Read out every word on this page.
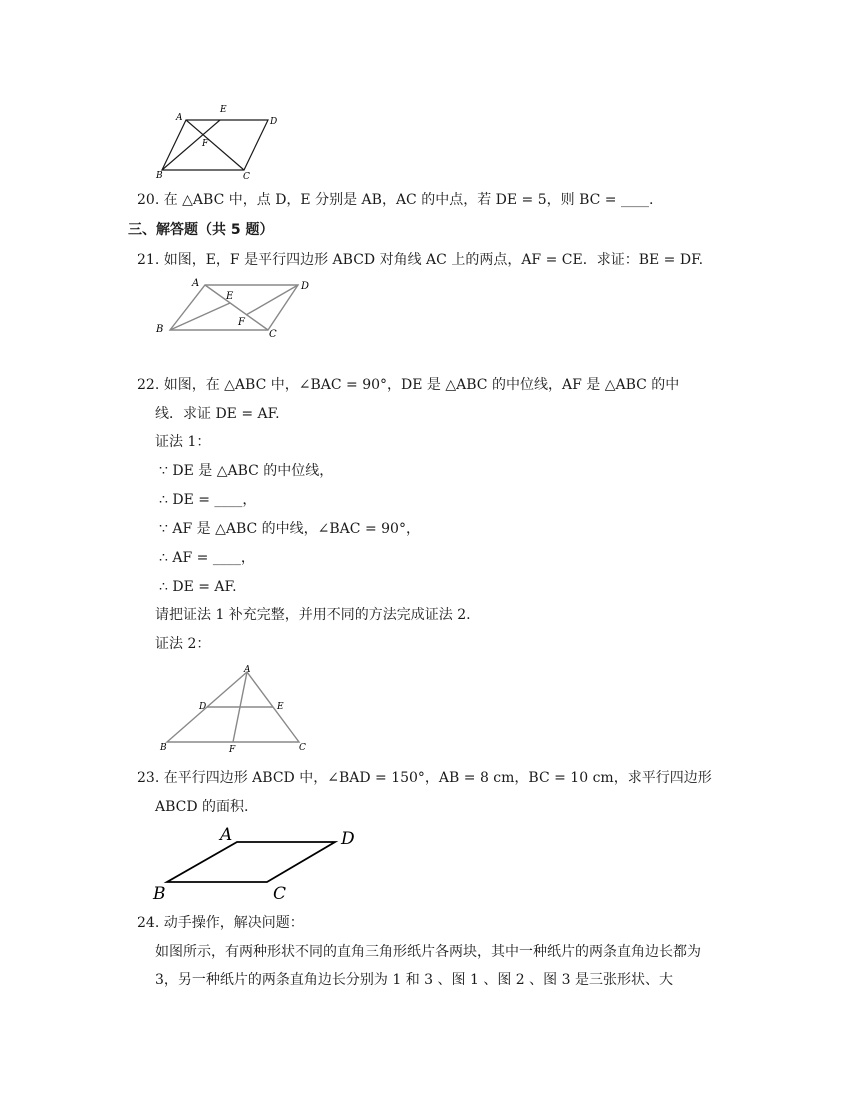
A
E
D
F
B	C
20. 在 △ABC 中，点 D，E 分别是 AB，AC 的中点，若 DE = 5，则 BC = ____.
三、解答题（共 5 题）
21. 如图，E，F 是平行四边形 ABCD 对角线 AC 上的两点，AF = CE．求证：BE = DF.
A
E
D
F
B	C
22. 如图，在 △ABC 中，∠BAC = 90°，DE 是 △ABC 的中位线，AF 是 △ABC 的中
线．求证 DE = AF.
证法 1：
∵ DE 是 △ABC 的中位线，
∴ DE = ____，
∵ AF 是 △ABC 的中线，∠BAC = 90°，
∴ AF = ____，
∴ DE = AF.
请把证法 1 补充完整，并用不同的方法完成证法 2.
证法 2：
A
D	E
B	F	C
23. 在平行四边形 ABCD 中，∠BAD = 150°，AB = 8 cm，BC = 10 cm，求平行四边形
ABCD 的面积.
A	D
B	C
24. 动手操作，解决问题：
如图所示，有两种形状不同的直角三角形纸片各两块，其中一种纸片的两条直角边长都为
3，另一种纸片的两条直角边长分别为 1 和 3 、图 1 、图 2 、图 3 是三张形状、大
